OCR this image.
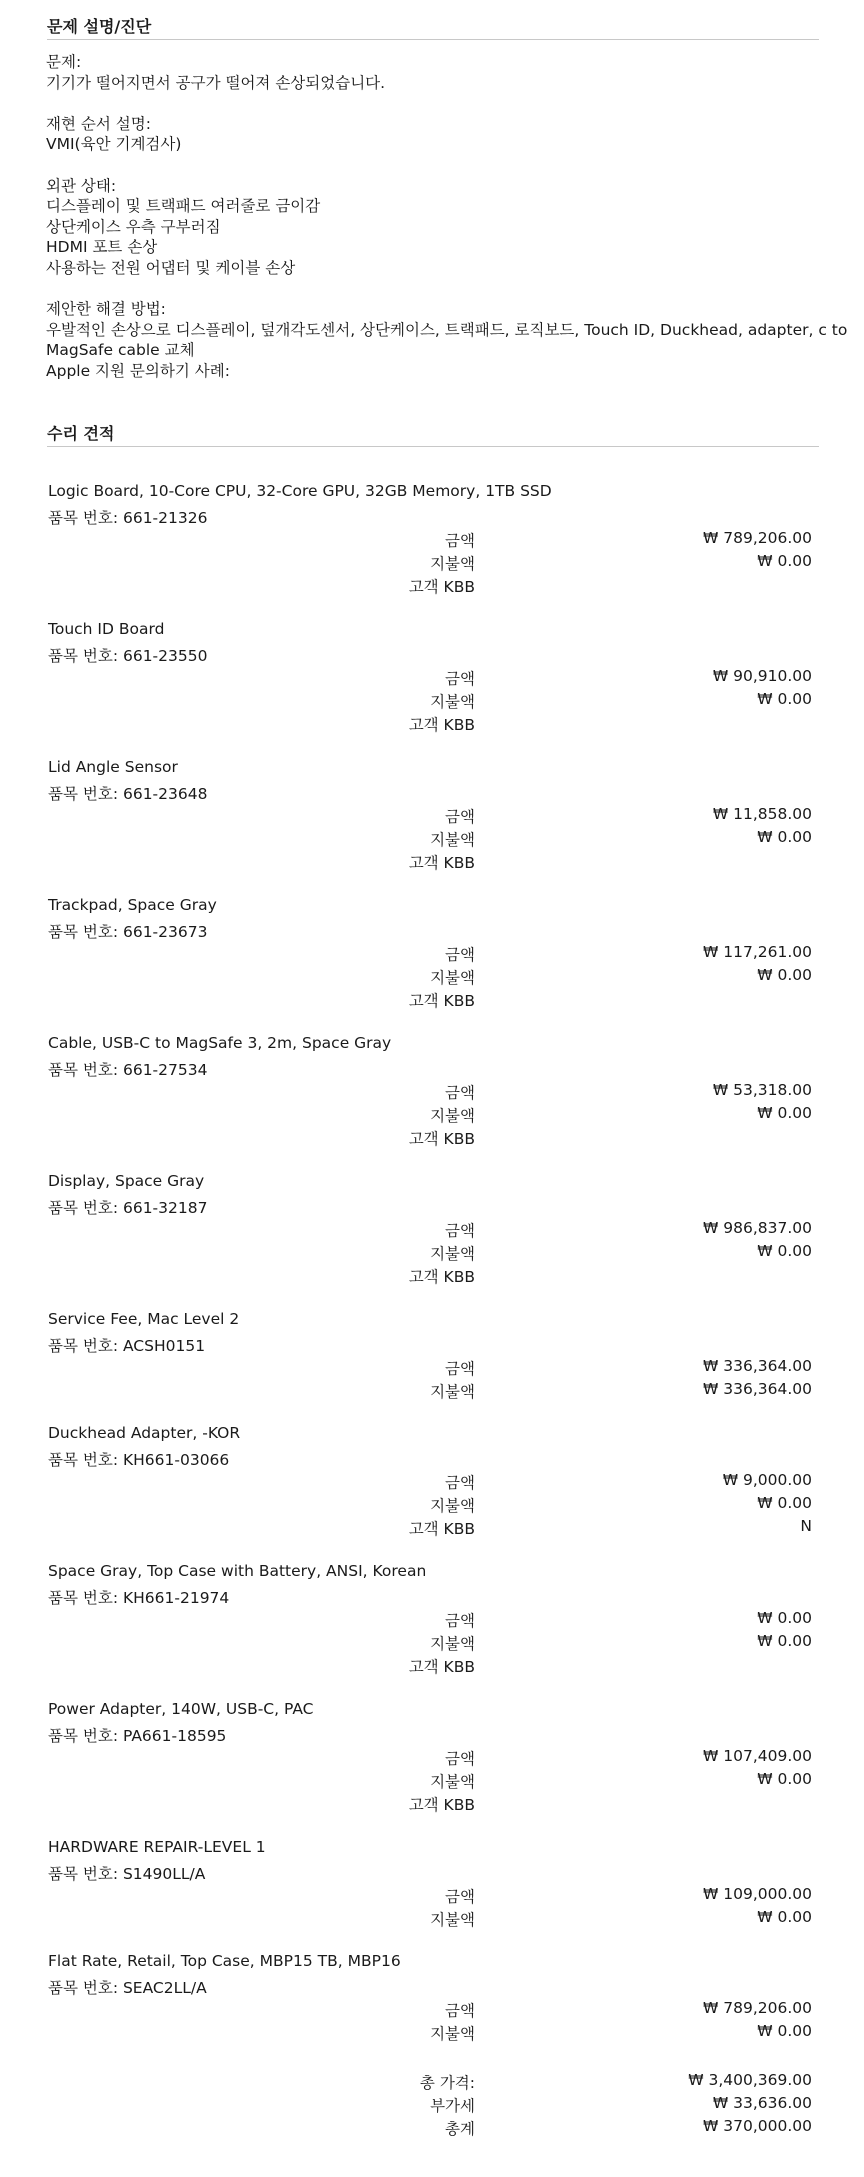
문제 설명/진단
문제:
기기가 떨어지면서 공구가 떨어져 손상되었습니다.
재현 순서 설명:
VMI(육안 기계검사)
외관 상태:
디스플레이 및 트랙패드 여러줄로 금이감
상단케이스 우측 구부러짐
HDMI 포트 손상
사용하는 전원 어댑터 및 케이블 손상
제안한 해결 방법:
우발적인 손상으로 디스플레이, 덮개각도센서, 상단케이스, 트랙패드, 로직보드, Touch ID, Duckhead, adapter, c to
MagSafe cable 교체
Apple 지원 문의하기 사례:
수리 견적
Logic Board, 10-Core CPU, 32-Core GPU, 32GB Memory, 1TB SSD
품목 번호: 661-21326
금액	₩ 789,206.00
지불액	₩ 0.00
고객 KBB
Touch ID Board
품목 번호: 661-23550
금액	₩ 90,910.00
지불액	₩ 0.00
고객 KBB
Lid Angle Sensor
품목 번호: 661-23648
금액	₩ 11,858.00
지불액	₩ 0.00
고객 KBB
Trackpad, Space Gray
품목 번호: 661-23673
금액	₩ 117,261.00
지불액	₩ 0.00
고객 KBB
Cable, USB-C to MagSafe 3, 2m, Space Gray
품목 번호: 661-27534
금액	₩ 53,318.00
지불액	₩ 0.00
고객 KBB
Display, Space Gray
품목 번호: 661-32187
금액	₩ 986,837.00
지불액	₩ 0.00
고객 KBB
Service Fee, Mac Level 2
품목 번호: ACSH0151
금액	₩ 336,364.00
지불액	₩ 336,364.00
Duckhead Adapter, -KOR
품목 번호: KH661-03066
금액	₩ 9,000.00
지불액	₩ 0.00
고객 KBB	N
Space Gray, Top Case with Battery, ANSI, Korean
품목 번호: KH661-21974
금액	₩ 0.00
지불액	₩ 0.00
고객 KBB
Power Adapter, 140W, USB-C, PAC
품목 번호: PA661-18595
금액	₩ 107,409.00
지불액	₩ 0.00
고객 KBB
HARDWARE REPAIR-LEVEL 1
품목 번호: S1490LL/A
금액	₩ 109,000.00
지불액	₩ 0.00
Flat Rate, Retail, Top Case, MBP15 TB, MBP16
품목 번호: SEAC2LL/A
금액	₩ 789,206.00
지불액	₩ 0.00
총 가격:	₩ 3,400,369.00
부가세	₩ 33,636.00
총계	₩ 370,000.00
